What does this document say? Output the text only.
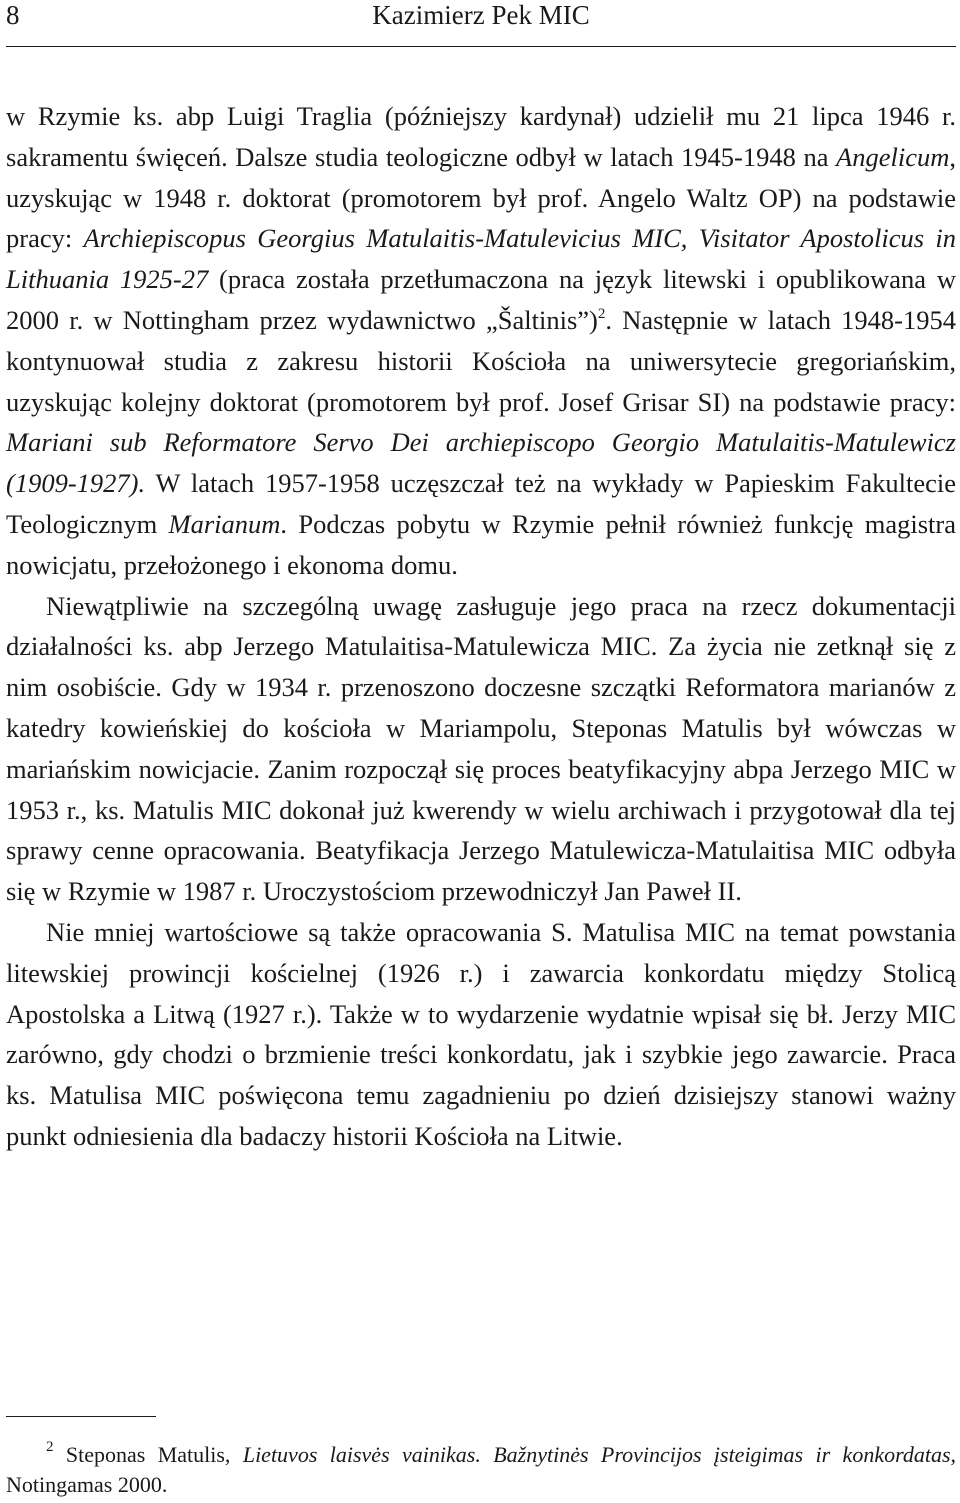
8	Kazimierz Pek MIC

w Rzymie ks. abp Luigi Traglia (późniejszy kardynał) udzielił mu 21 lipca 1946 r. sakramentu święceń. Dalsze studia teologiczne odbył w latach 1945-1948 na Angelicum, uzyskując w 1948 r. doktorat (promotorem był prof. Angelo Waltz OP) na podstawie pracy: Archiepiscopus Georgius Matulaitis-Matulevicius MIC, Visitator Apostolicus in Lithuania 1925-27 (praca została przetłumaczona na język litewski i opublikowana w 2000 r. w Nottingham przez wydawnictwo „Šaltinis”)$^2$. Następnie w latach 1948-1954 kontynuował studia z zakresu historii Kościoła na uniwersytecie gregoriańskim, uzyskując kolejny doktorat (promotorem był prof. Josef Grisar SI) na podstawie pracy: Mariani sub Reformatore Servo Dei archiepiscopo Georgio Matulaitis-Matulewicz (1909-1927). W latach 1957-1958 uczęszczał też na wykłady w Papieskim Fakultecie Teologicznym Marianum. Podczas pobytu w Rzymie pełnił również funkcję magistra nowicjatu, przełożonego i ekonoma domu.

Niewątpliwie na szczególną uwagę zasługuje jego praca na rzecz dokumentacji działalności ks. abp Jerzego Matulaitisa-Matulewicza MIC. Za życia nie zetknął się z nim osobiście. Gdy w 1934 r. przenoszono doczesne szczątki Reformatora marianów z katedry kowieńskiej do kościoła w Mariampolu, Steponas Matulis był wówczas w mariańskim nowicjacie. Zanim rozpoczął się proces beatyfikacyjny abpa Jerzego MIC w 1953 r., ks. Matulis MIC dokonał już kwerendy w wielu archiwach i przygotował dla tej sprawy cenne opracowania. Beatyfikacja Jerzego Matulewicza-Matulaitisa MIC odbyła się w Rzymie w 1987 r. Uroczystościom przewodniczył Jan Paweł II.

Nie mniej wartościowe są także opracowania S. Matulisa MIC na temat powstania litewskiej prowincji kościelnej (1926 r.) i zawarcia konkordatu między Stolicą Apostolska a Litwą (1927 r.). Także w to wydarzenie wydatnie wpisał się bł. Jerzy MIC zarówno, gdy chodzi o brzmienie treści konkordatu, jak i szybkie jego zawarcie. Praca ks. Matulisa MIC poświęcona temu zagadnieniu po dzień dzisiejszy stanowi ważny punkt odniesienia dla badaczy historii Kościoła na Litwie.

$^2$ Steponas Matulis, Lietuvos laisvės vainikas. Bažnytinės Provincijos įsteigimas ir konkordatas, Notingamas 2000.
